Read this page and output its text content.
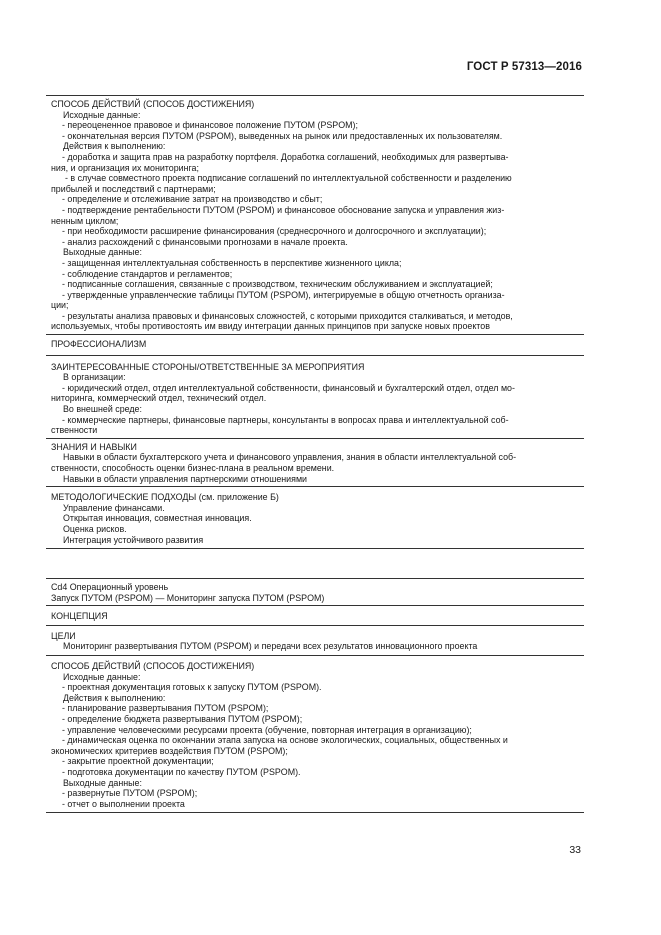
ГОСТ Р 57313—2016
СПОСОБ ДЕЙСТВИЙ (СПОСОБ ДОСТИЖЕНИЯ)
Исходные данные:
- переоцененное правовое и финансовое положение ПУТОМ (PSPOM);
- окончательная версия ПУТОМ (PSPOM), выведенных на рынок или предоставленных их пользователям.
Действия к выполнению:
- доработка и защита прав на разработку портфеля. Доработка соглашений, необходимых для развертыва-
ния, и организация их мониторинга;
- в случае совместного проекта подписание соглашений по интеллектуальной собственности и разделению
прибылей и последствий с партнерами;
- определение и отслеживание затрат на производство и сбыт;
- подтверждение рентабельности ПУТОМ (PSPOM) и финансовое обоснование запуска и управления жиз-
ненным циклом;
- при необходимости расширение финансирования (среднесрочного и долгосрочного и эксплуатации);
- анализ расхождений с финансовыми прогнозами в начале проекта.
Выходные данные:
- защищенная интеллектуальная собственность в перспективе жизненного цикла;
- соблюдение стандартов и регламентов;
- подписанные соглашения, связанные с производством, техническим обслуживанием и эксплуатацией;
- утвержденные управленческие таблицы ПУТОМ (PSPOM), интегрируемые в общую отчетность организа-
ции;
- результаты анализа правовых и финансовых сложностей, с которыми приходится сталкиваться, и методов,
используемых, чтобы противостоять им ввиду интеграции данных принципов при запуске новых проектов
ПРОФЕССИОНАЛИЗМ
ЗАИНТЕРЕСОВАННЫЕ СТОРОНЫ/ОТВЕТСТВЕННЫЕ ЗА МЕРОПРИЯТИЯ
В организации:
- юридический отдел, отдел интеллектуальной собственности, финансовый и бухгалтерский отдел, отдел мо-
ниторинга, коммерческий отдел, технический отдел.
Во внешней среде:
- коммерческие партнеры, финансовые партнеры, консультанты в вопросах права и интеллектуальной соб-
ственности
ЗНАНИЯ И НАВЫКИ
Навыки в области бухгалтерского учета и финансового управления, знания в области интеллектуальной соб-
ственности, способность оценки бизнес-плана в реальном времени.
Навыки в области управления партнерскими отношениями
МЕТОДОЛОГИЧЕСКИЕ ПОДХОДЫ (см. приложение Б)
Управление финансами.
Открытая инновация, совместная инновация.
Оценка рисков.
Интеграция устойчивого развития
Cd4 Операционный уровень
Запуск ПУТОМ (PSPOM) — Мониторинг запуска ПУТОМ (PSPOM)
КОНЦЕПЦИЯ
ЦЕЛИ
Мониторинг развертывания ПУТОМ (PSPOM) и передачи всех результатов инновационного проекта
СПОСОБ ДЕЙСТВИЙ (СПОСОБ ДОСТИЖЕНИЯ)
Исходные данные:
- проектная документация готовых к запуску ПУТОМ (PSPOM).
Действия к выполнению:
- планирование развертывания ПУТОМ (PSPOM);
- определение бюджета развертывания ПУТОМ (PSPOM);
- управление человеческими ресурсами проекта (обучение, повторная интеграция в организацию);
- динамическая оценка по окончании этапа запуска на основе экологических, социальных, общественных и
экономических критериев воздействия ПУТОМ (PSPOM);
- закрытие проектной документации;
- подготовка документации по качеству ПУТОМ (PSPOM).
Выходные данные:
- развернутые ПУТОМ (PSPOM);
- отчет о выполнении проекта
33
